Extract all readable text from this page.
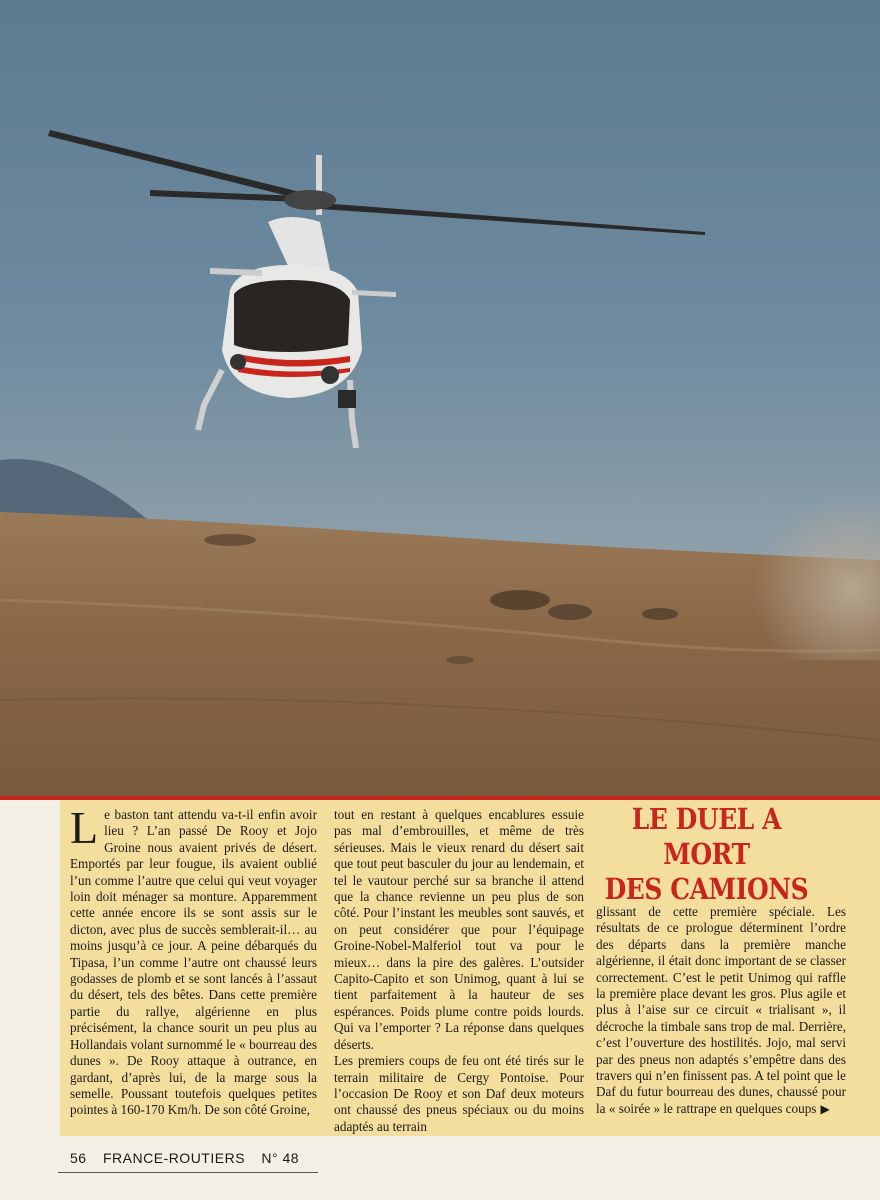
LE DUEL A MORT
DES CAMIONS
Le baston tant attendu va-t-il enfin avoir lieu ? L’an passé De Rooy et Jojo Groine nous avaient privés de désert. Emportés par leur fougue, ils avaient oublié l’un comme l’autre que celui qui veut voyager loin doit ménager sa monture. Apparemment cette année encore ils se sont assis sur le dicton, avec plus de succès semblerait-il… au moins jusqu’à ce jour. A peine débarqués du Tipasa, l’un comme l’autre ont chaussé leurs godasses de plomb et se sont lancés à l’assaut du désert, tels des bêtes. Dans cette première partie du rallye, algérienne en plus précisément, la chance sourit un peu plus au Hollandais volant surnommé le « bourreau des dunes ». De Rooy attaque à outrance, en gardant, d’après lui, de la marge sous la semelle. Poussant toutefois quelques petites pointes à 160-170 Km/h. De son côté Groine,

tout en restant à quelques encablures essuie pas mal d’embrouilles, et même de très sérieuses. Mais le vieux renard du désert sait que tout peut basculer du jour au lendemain, et tel le vautour perché sur sa branche il attend que la chance revienne un peu plus de son côté. Pour l’instant les meubles sont sauvés, et on peut considérer que pour l’équipage Groine-Nobel-Malferiol tout va pour le mieux… dans la pire des galères. L’outsider Capito-Capito et son Unimog, quant à lui se tient parfaitement à la hauteur de ses espérances. Poids plume contre poids lourds. Qui va l’emporter ? La réponse dans quelques déserts.

Les premiers coups de feu ont été tirés sur le terrain militaire de Cergy Pontoise. Pour l’occasion De Rooy et son Daf deux moteurs ont chaussé des pneus spéciaux ou du moins adaptés au terrain

glissant de cette première spéciale. Les résultats de ce prologue déterminent l’ordre des départs dans la première manche algérienne, il était donc important de se classer correctement. C’est le petit Unimog qui raffle la première place devant les gros. Plus agile et plus à l’aise sur ce circuit « trialisant », il décroche la timbale sans trop de mal. Derrière, c’est l’ouverture des hostilités. Jojo, mal servi par des pneus non adaptés s’empêtre dans des travers qui n’en finissent pas. A tel point que le Daf du futur bourreau des dunes, chaussé pour la « soirée » le rattrape en quelques coups ▶
56 FRANCE-ROUTIERS N° 48
